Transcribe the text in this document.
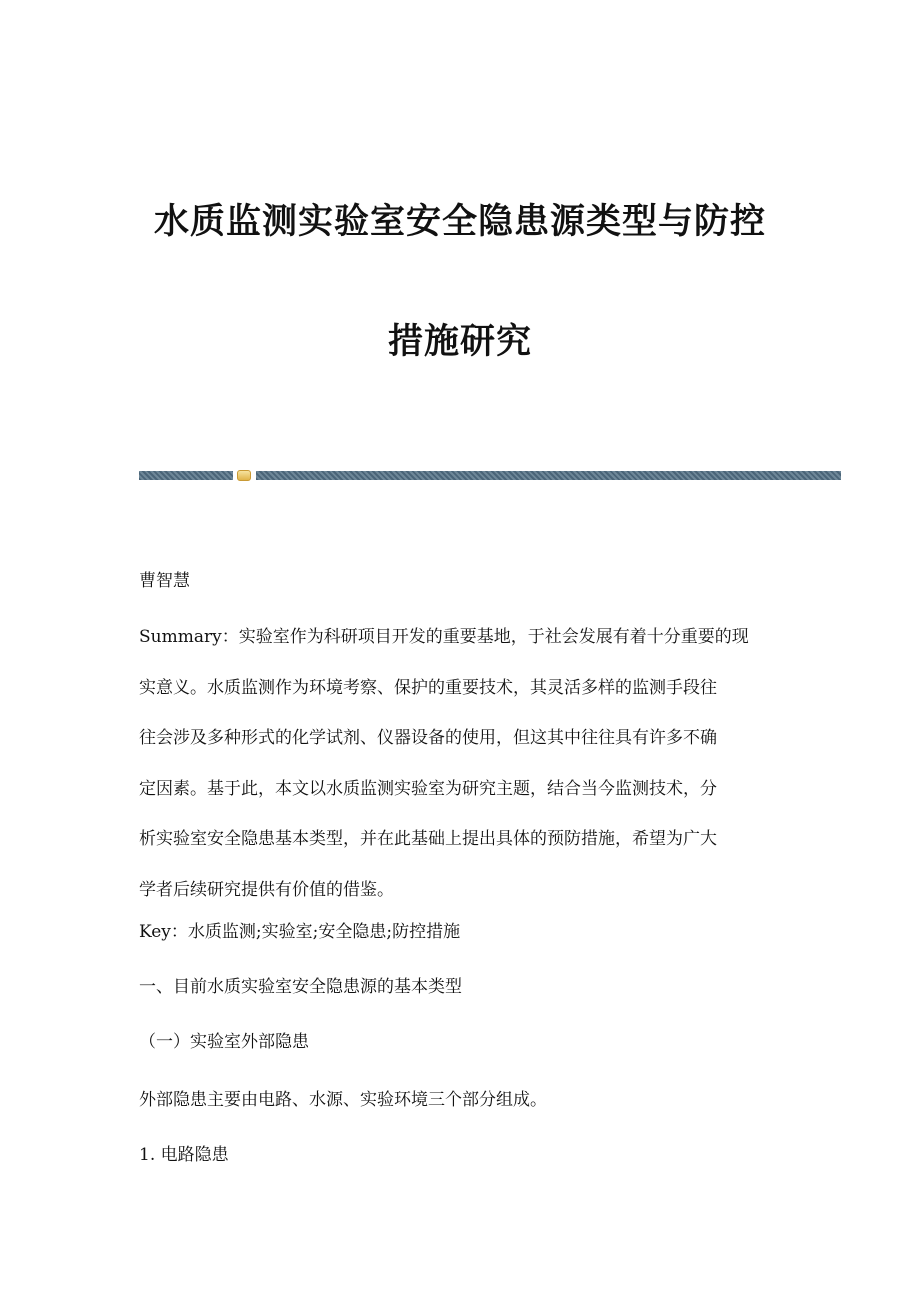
水质监测实验室安全隐患源类型与防控
措施研究
曹智慧
Summary：实验室作为科研项目开发的重要基地，于社会发展有着十分重要的现
实意义。水质监测作为环境考察、保护的重要技术，其灵活多样的监测手段往
往会涉及多种形式的化学试剂、仪器设备的使用，但这其中往往具有许多不确
定因素。基于此，本文以水质监测实验室为研究主题，结合当今监测技术，分
析实验室安全隐患基本类型，并在此基础上提出具体的预防措施，希望为广大
学者后续研究提供有价值的借鉴。
Key：水质监测;实验室;安全隐患;防控措施
一、目前水质实验室安全隐患源的基本类型
（一）实验室外部隐患
外部隐患主要由电路、水源、实验环境三个部分组成。
1. 电路隐患
